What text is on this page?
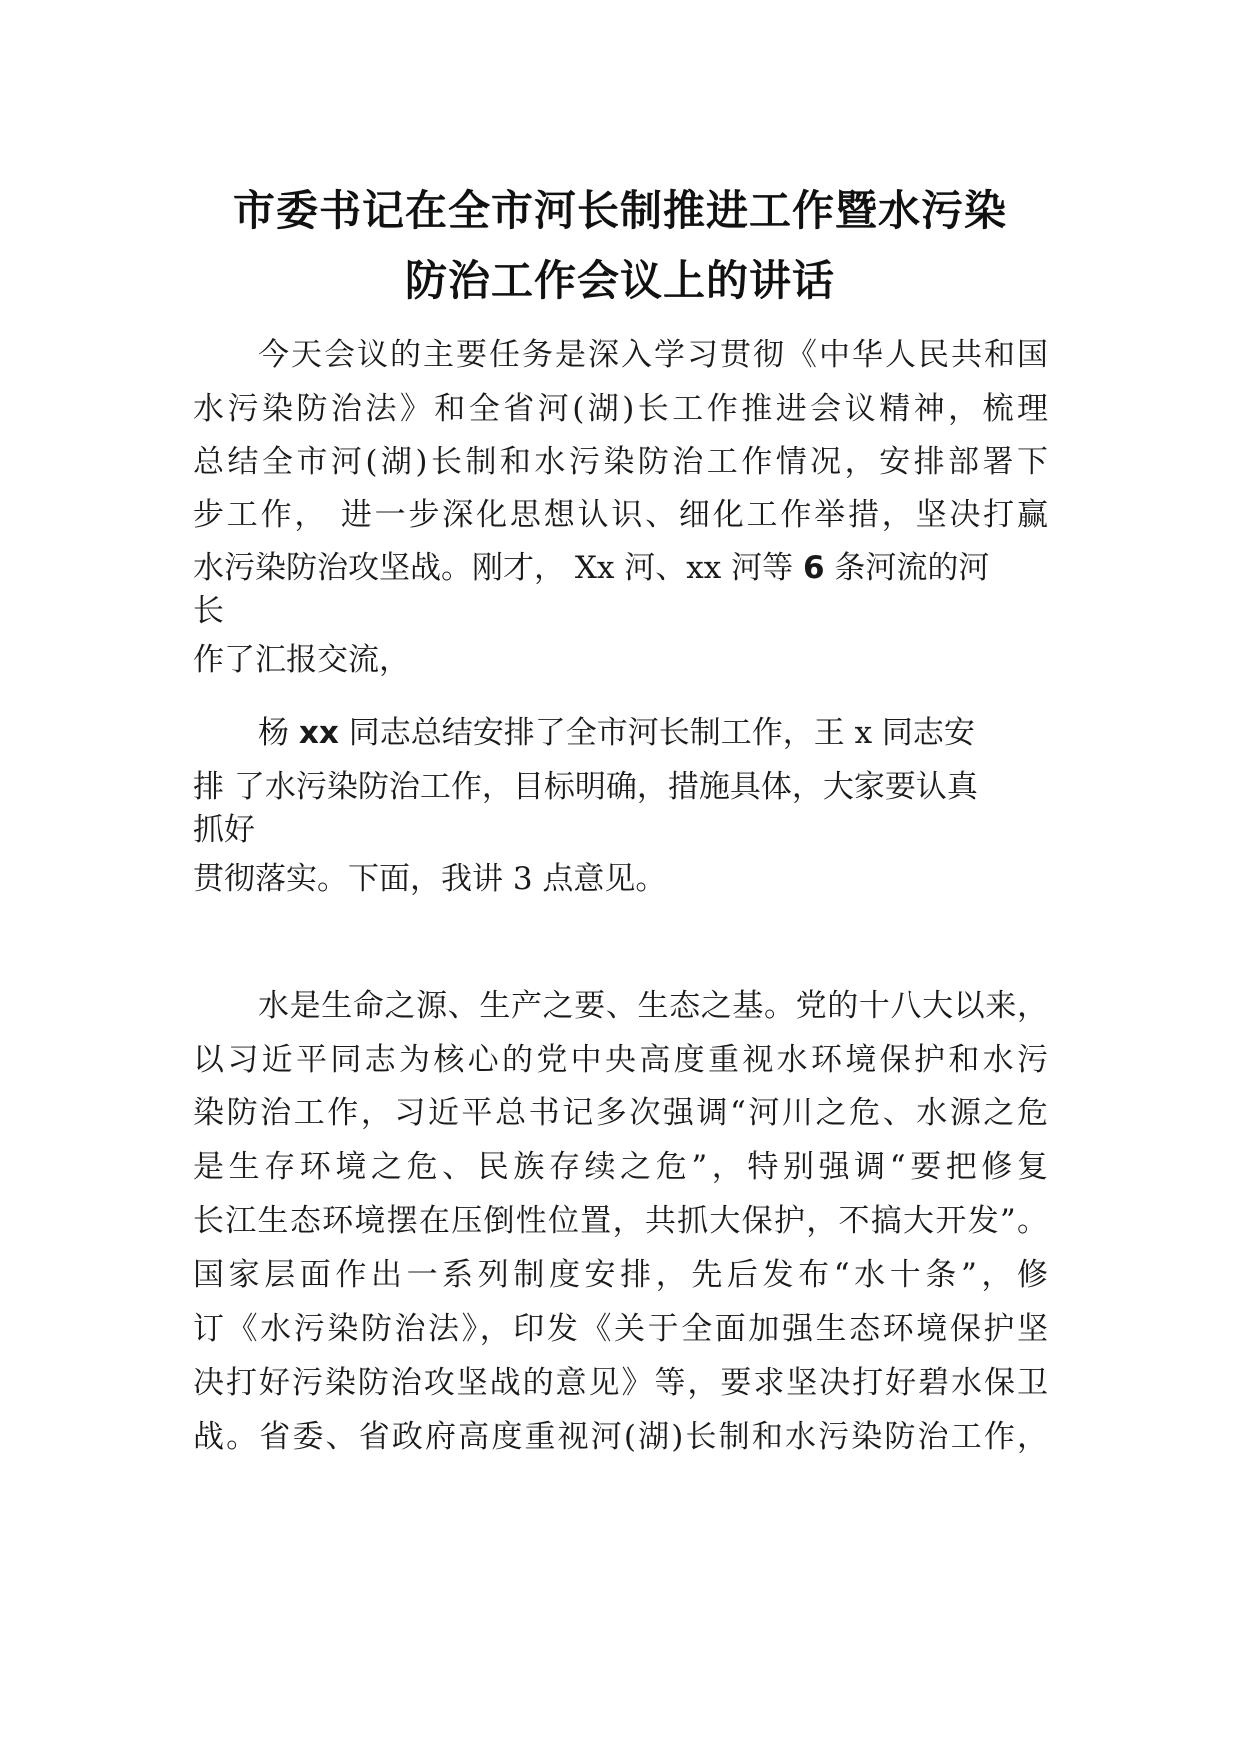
市委书记在全市河长制推进工作暨水污染
防治工作会议上的讲话
今天会议的主要任务是深入学习贯彻《中华人民共和国
水污染防治法》和全省河(湖)长工作推进会议精神，梳理
总结全市河(湖)长制和水污染防治工作情况，安排部署下
步工作， 进一步深化思想认识、细化工作举措，坚决打赢
水污染防治攻坚战。刚才， Xx 河、xx 河等 6 条河流的河
长
作了汇报交流，
杨 xx 同志总结安排了全市河长制工作，王 x 同志安
排 了水污染防治工作，目标明确，措施具体，大家要认真
抓好
贯彻落实。下面，我讲 3 点意见。
水是生命之源、生产之要、生态之基。党的十八大以来，
以习近平同志为核心的党中央高度重视水环境保护和水污
染防治工作，习近平总书记多次强调“河川之危、水源之危
是生存环境之危、民族存续之危”，特别强调“要把修复
长江生态环境摆在压倒性位置，共抓大保护，不搞大开发”。
国家层面作出一系列制度安排，先后发布“水十条”，修
订《水污染防治法》，印发《关于全面加强生态环境保护坚
决打好污染防治攻坚战的意见》等，要求坚决打好碧水保卫
战。省委、省政府高度重视河(湖)长制和水污染防治工作，
